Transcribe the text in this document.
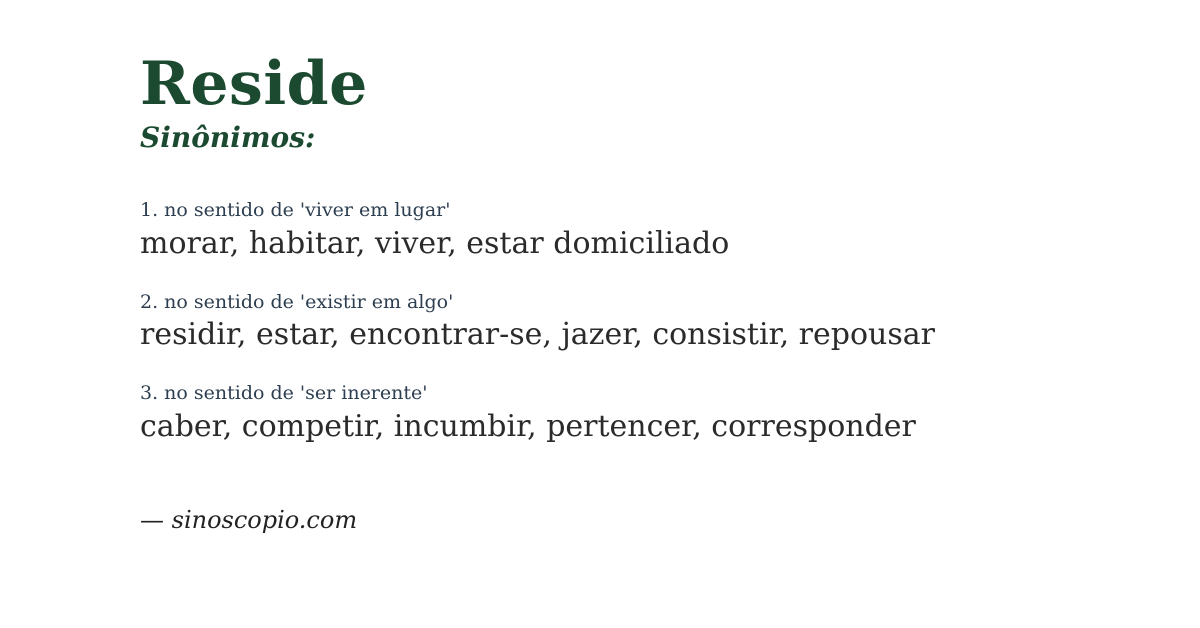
Reside

Sinônimos:

1. no sentido de 'viver em lugar'

morar, habitar, viver, estar domiciliado

2. no sentido de 'existir em algo'

residir, estar, encontrar-se, jazer, consistir, repousar

3. no sentido de 'ser inerente'

caber, competir, incumbir, pertencer, corresponder

— sinoscopio.com
